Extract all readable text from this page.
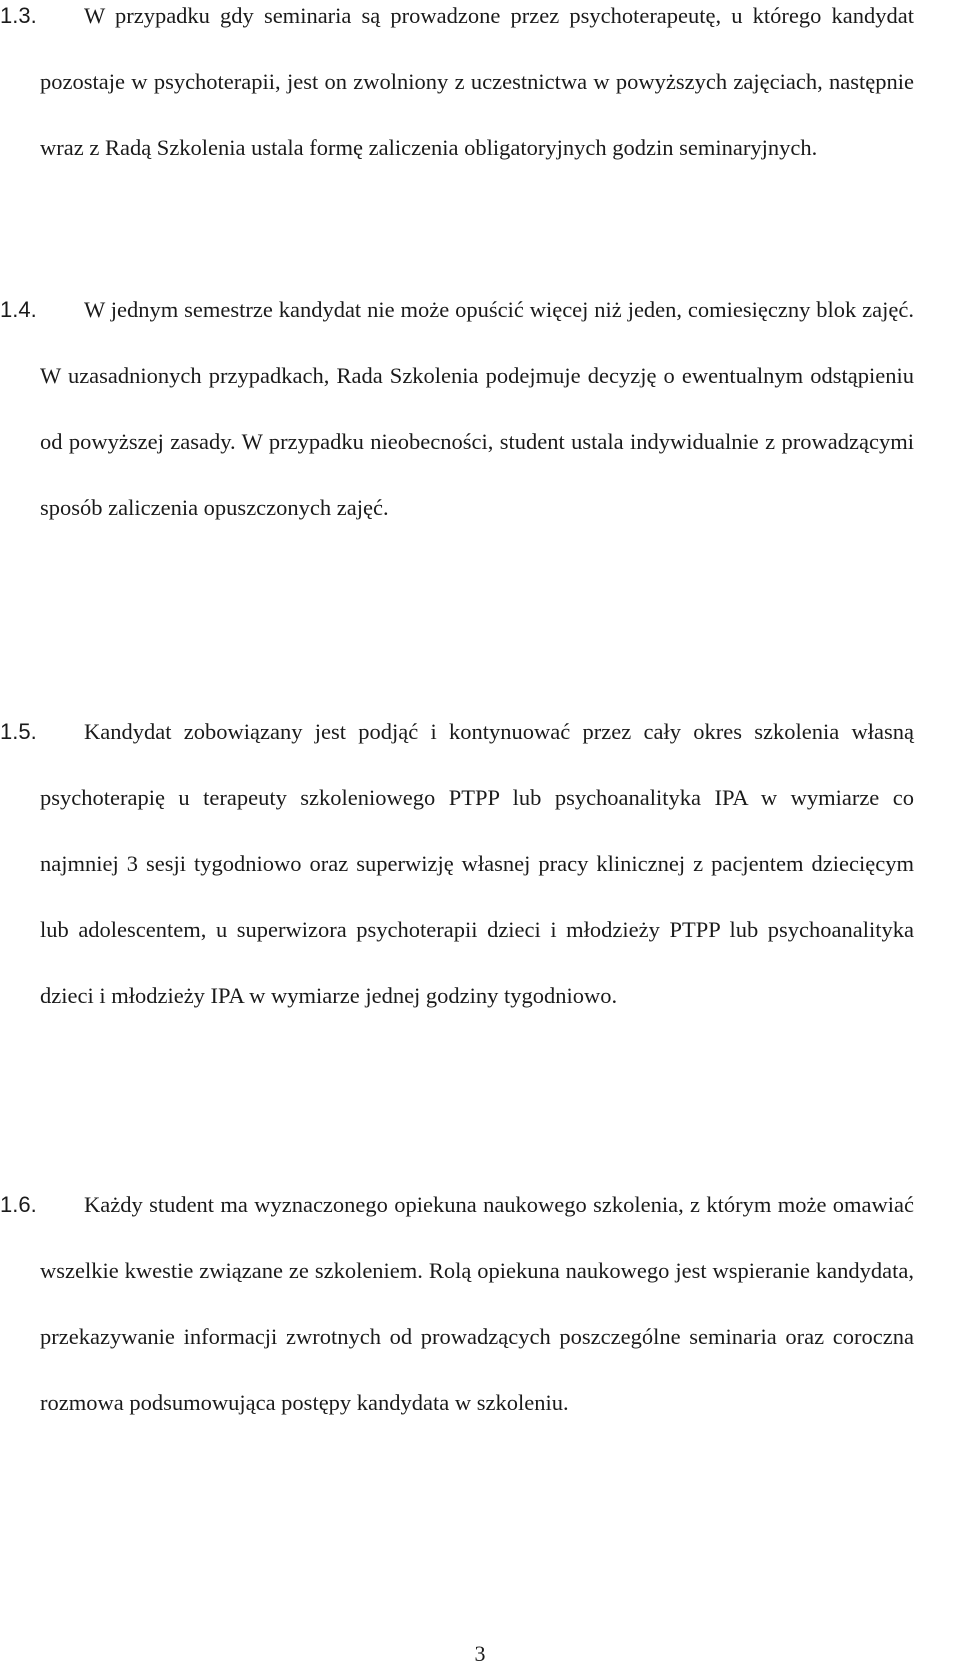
1.3.	W przypadku gdy seminaria są prowadzone przez psychoterapeutę, u którego kandydat pozostaje w psychoterapii, jest on zwolniony z uczestnictwa w powyższych zajęciach, następnie wraz z Radą Szkolenia ustala formę zaliczenia obligatoryjnych godzin seminaryjnych.

1.4.	W jednym semestrze kandydat nie może opuścić więcej niż jeden, comiesięczny blok zajęć. W uzasadnionych przypadkach, Rada Szkolenia podejmuje decyzję o ewentualnym odstąpieniu od powyższej zasady. W przypadku nieobecności, student ustala indywidualnie z prowadzącymi sposób zaliczenia opuszczonych zajęć.

1.5.	Kandydat zobowiązany jest podjąć i kontynuować przez cały okres szkolenia własną psychoterapię u terapeuty szkoleniowego PTPP lub psychoanalityka IPA w wymiarze co najmniej 3 sesji tygodniowo oraz superwizję własnej pracy klinicznej z pacjentem dziecięcym lub adolescentem, u superwizora psychoterapii dzieci i młodzieży PTPP lub psychoanalityka dzieci i młodzieży IPA w wymiarze jednej godziny tygodniowo.

1.6.	Każdy student ma wyznaczonego opiekuna naukowego szkolenia, z którym może omawiać wszelkie kwestie związane ze szkoleniem. Rolą opiekuna naukowego jest wspieranie kandydata, przekazywanie informacji zwrotnych od prowadzących poszczególne seminaria oraz coroczna rozmowa podsumowująca postępy kandydata w szkoleniu.

3
